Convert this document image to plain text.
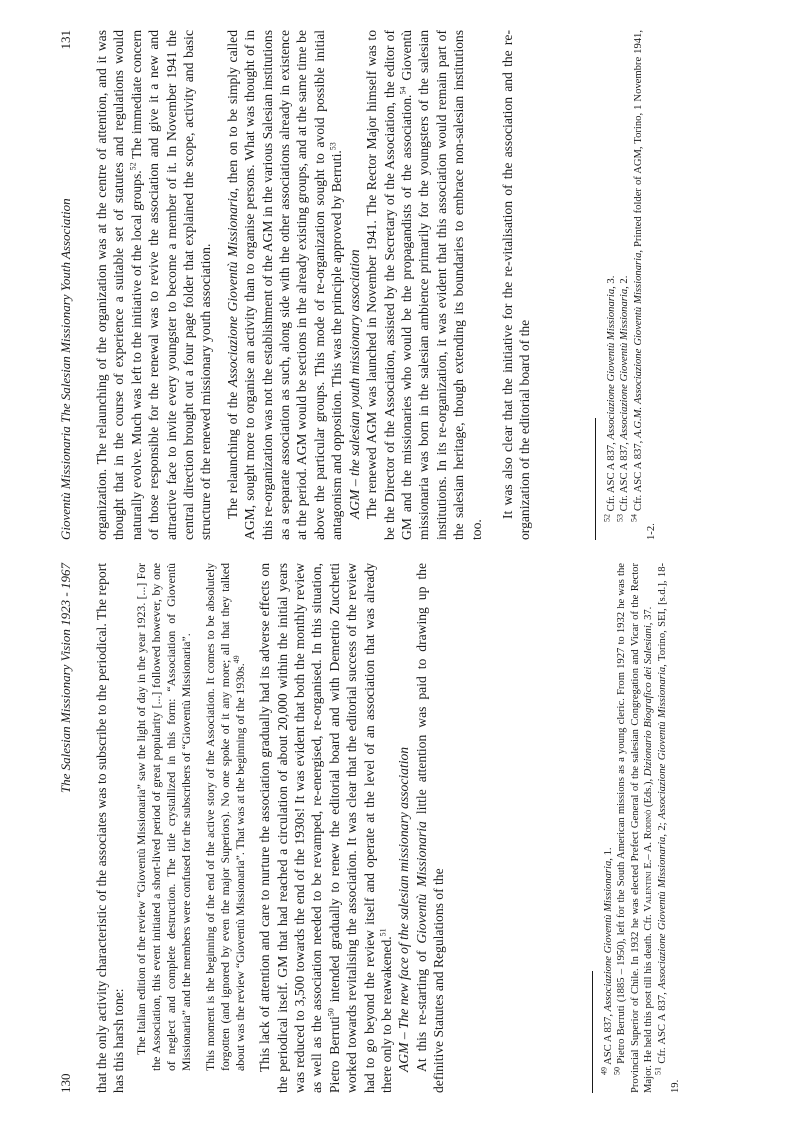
130
The Salesian Missionary Vision 1923 - 1967 that the only activity characteristic of the associates was to subscribe to the periodical. The report has this harsh tone: The Italian edition of the review “Gioventù Missionaria” saw the light of day in the year 1923. [...] For the Association, this event initiated a short-lived period of great popularity [...] followed however, by one of neglect and complete destruction. The title crystallized in this form: “Association of Gioventù Missionaria” and the members were confused for the subscribers of “Gioventù Missionaria”. This moment is the beginning of the end of the active story of the Association. It comes to be absolutely forgotten (and ignored by even the major Superiors). No one spoke of it any more; all that they talked about was the review “Gioventù Missionaria”. That was at the beginning of the 1930s.$^{49}$	This lack of attention and care to nurture the association gradually had its adverse effects on the periodical itself. GM that had reached a circulation of about 20,000 within the initial years was reduced to 3,500 towards the end of the 1930s! It was evident that both the monthly review as well as the association needed to be revamped, re-energised, re-organised. In this situation, Pietro Berruti$^{50}$ intended gradually to renew the editorial board and with Demetrio Zucchetti worked towards revitalising the association. It was clear that the editorial success of the review had to go beyond the review itself and operate at the level of an association that was already there only to be reawakened.$^{51}$ AGM – The new face of the salesian missionary association At this re-starting of Gioventù Missionaria little attention was paid to drawing up the definitive Statutes and Regulations of the	$^{49}$ ASC A 837, Associazione Gioventù Missionaria, 1.

$^{50}$ Pietro Berruti (1885 – 1950), left for the South American missions as a young cleric. From 1927 to 1932 he was the Provincial Superior of Chile. In 1932 he was elected Prefect General of the salesian Congregation and Vicar of the Rector Major. He held this post till his death. Cfr. Valentini E.– A. Rodinò (Eds.), Dizionario Biografico dei Salesiani, 37.

$^{51}$ Cfr. ASC A 837, Associazione Gioventù Missionaria, 2; Associazione Gioventù Missionaria, Torino, SEI, [s.d.], 18-19.

Gioventù Missionaria The Salesian Missionary Youth Association
131 organization. The relaunching of the organization was at the centre of attention, and it was thought that in the course of experience a suitable set of statutes and regulations would naturally evolve. Much was left to the initiative of the local groups.$^{52}$ The immediate concern of those responsible for the renewal was to revive the association and give it a new and attractive face to invite every youngster to become a member of it. In November 1941 the central direction brought out a four page folder that explained the scope, activity and basic structure of the renewed missionary youth association. The relaunching of the Associazione Gioventù Missionaria, then on to be simply called AGM, sought more to organise an activity than to organise persons. What was thought of in this re-organization was not the establishment of the AGM in the various Salesian institutions as a separate association as such, along side with the other associations already in existence at the period. AGM would be sections in the already existing groups, and at the same time be above the particular groups. This mode of re-organization sought to avoid possible initial antagonism and opposition. This was the principle approved by Berruti.$^{53}$

AGM – the salesian youth missionary association The renewed AGM was launched in November 1941. The Rector Major himself was to be the Director of the Association, assisted by the Secretary of the Association, the editor of GM and the missionaries who would be the propagandists of the association.$^{54}$ Gioventù missionaria was born in the salesian ambience primarily for the youngsters of the salesian institutions. In its re-organization, it was evident that this association would remain part of the salesian heritage, though extending its boundaries to embrace non-salesian institutions too.

It was also clear that the initiative for the re-vitalisation of the association and the re-organization of the editorial board of the	$^{52}$ Cfr. ASC A 837, Associazione Gioventù Missionaria, 3.

$^{53}$ Cfr. ASC A 837, Associazione Gioventù Missionaria, 2.

$^{54}$ Cfr. ASC A 837, A.G.M. Associazione Gioventù Missionaria, Printed folder of AGM, Torino, 1 Novembre 1941, 1-2.
